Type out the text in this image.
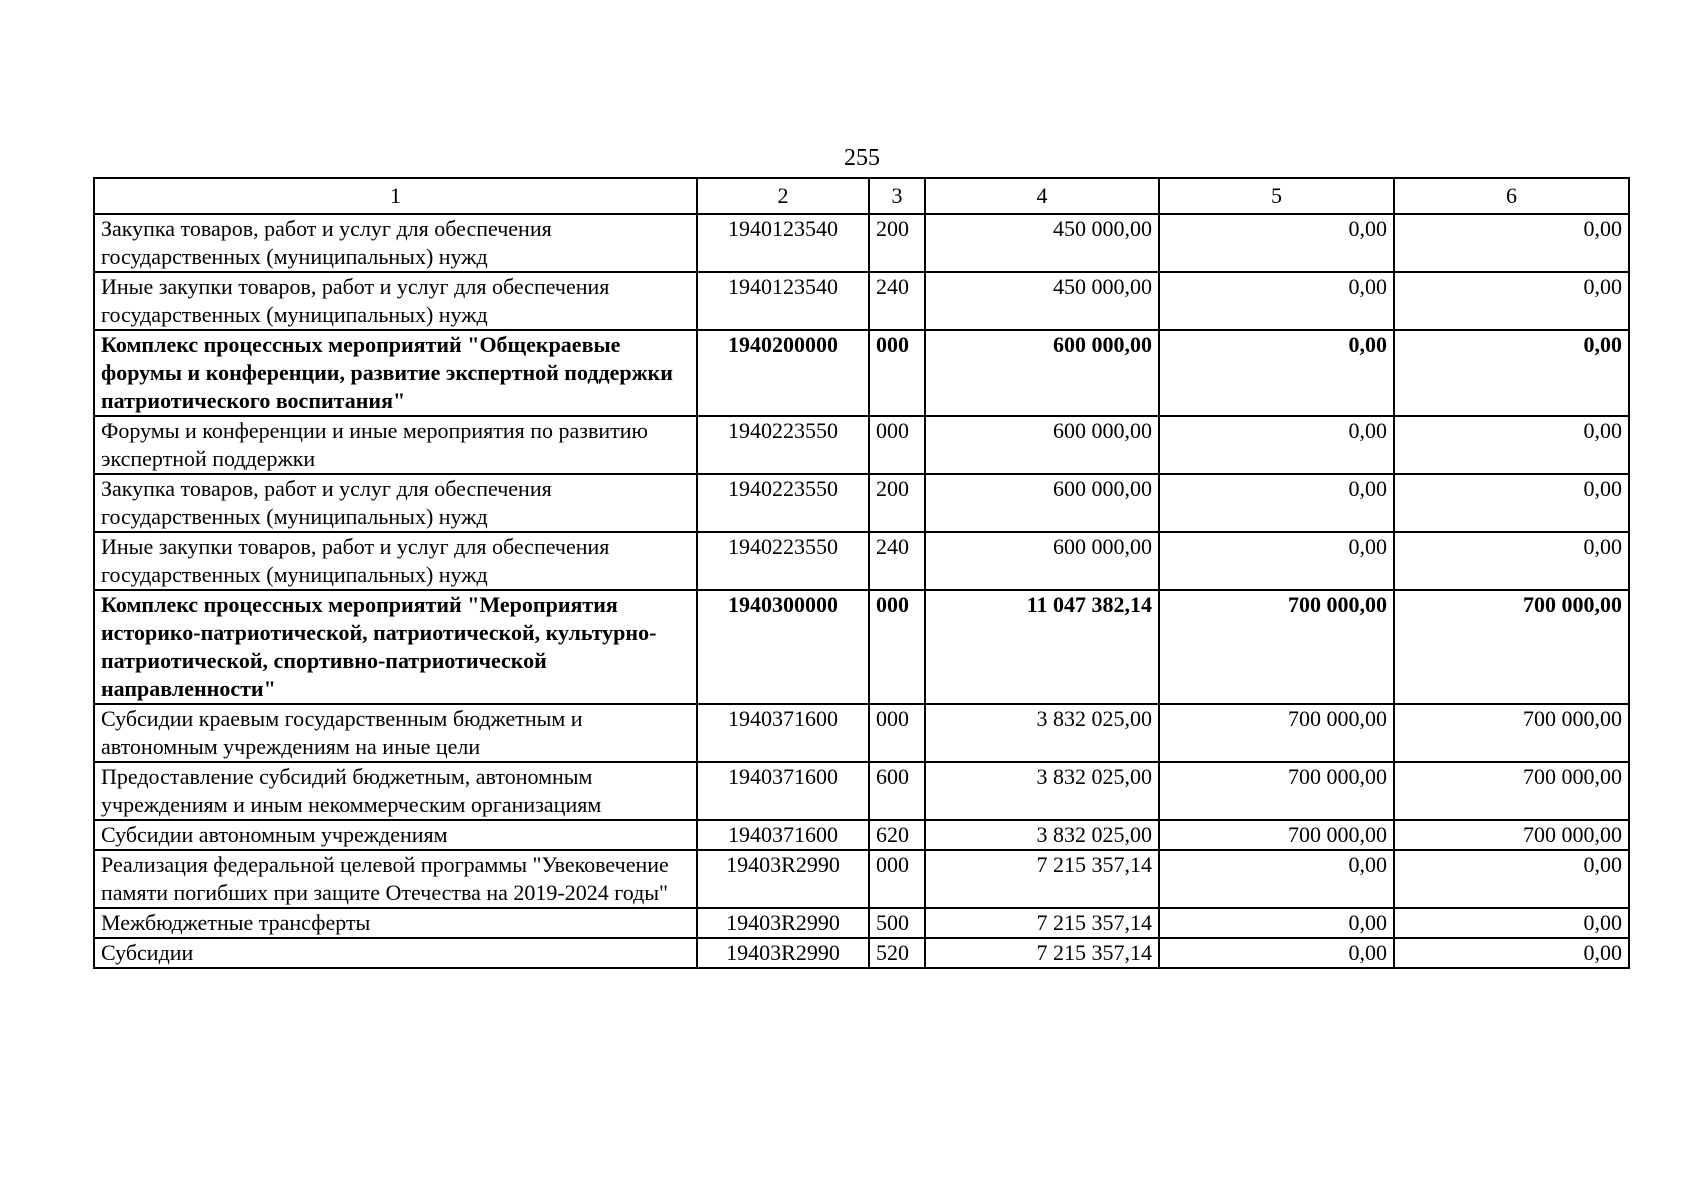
255
1	2	3	4	5	6
Закупка товаров, работ и услуг для обеспечения государственных (муниципальных) нужд	1940123540	200	450 000,00	0,00	0,00
Иные закупки товаров, работ и услуг для обеспечения государственных (муниципальных) нужд	1940123540	240	450 000,00	0,00	0,00
Комплекс процессных мероприятий "Общекраевые форумы и конференции, развитие экспертной поддержки патриотического воспитания"	1940200000	000	600 000,00	0,00	0,00
Форумы и конференции и иные мероприятия по развитию экспертной поддержки	1940223550	000	600 000,00	0,00	0,00
Закупка товаров, работ и услуг для обеспечения государственных (муниципальных) нужд	1940223550	200	600 000,00	0,00	0,00
Иные закупки товаров, работ и услуг для обеспечения государственных (муниципальных) нужд	1940223550	240	600 000,00	0,00	0,00
Комплекс процессных мероприятий "Мероприятия историко-патриотической, патриотической, культурно-патриотической, спортивно-патриотической направленности"	1940300000	000	11 047 382,14	700 000,00	700 000,00
Субсидии краевым государственным бюджетным и автономным учреждениям на иные цели	1940371600	000	3 832 025,00	700 000,00	700 000,00
Предоставление субсидий бюджетным, автономным учреждениям и иным некоммерческим организациям	1940371600	600	3 832 025,00	700 000,00	700 000,00
Субсидии автономным учреждениям	1940371600	620	3 832 025,00	700 000,00	700 000,00
Реализация федеральной целевой программы "Увековечение памяти погибших при защите Отечества на 2019-2024 годы"	19403R2990	000	7 215 357,14	0,00	0,00
Межбюджетные трансферты	19403R2990	500	7 215 357,14	0,00	0,00
Субсидии	19403R2990	520	7 215 357,14	0,00	0,00
